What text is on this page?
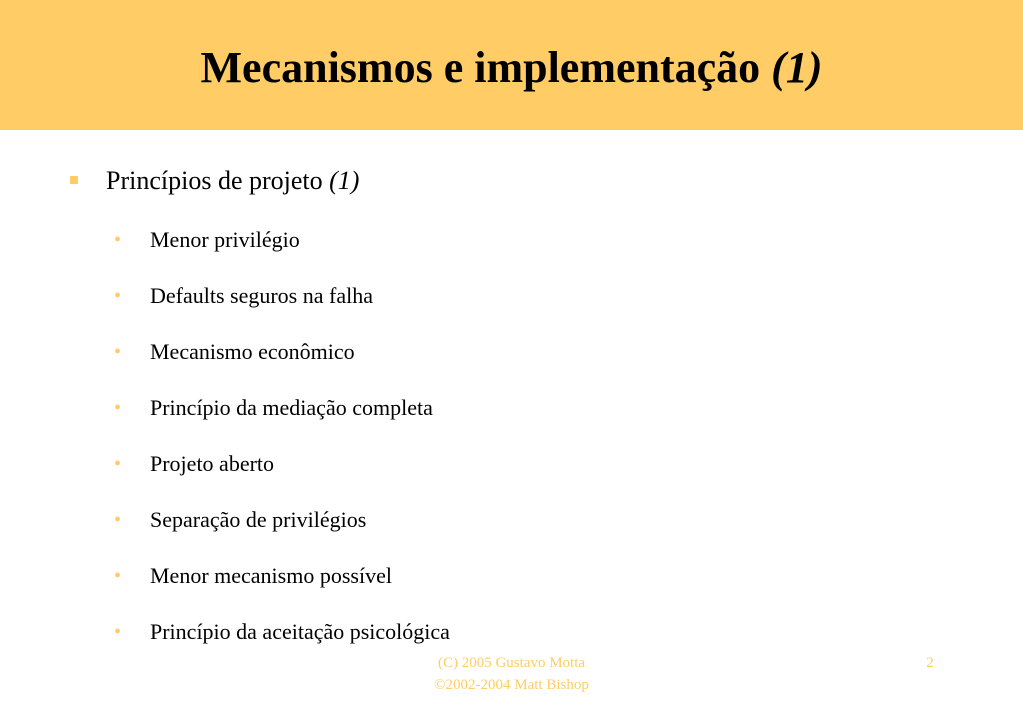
Mecanismos e implementação (1)
Princípios de projeto (1)
• Menor privilégio
• Defaults seguros na falha
• Mecanismo econômico
• Princípio da mediação completa
• Projeto aberto
• Separação de privilégios
• Menor mecanismo possível
• Princípio da aceitação psicológica
(C) 2005 Gustavo Motta
©2002-2004 Matt Bishop
2
